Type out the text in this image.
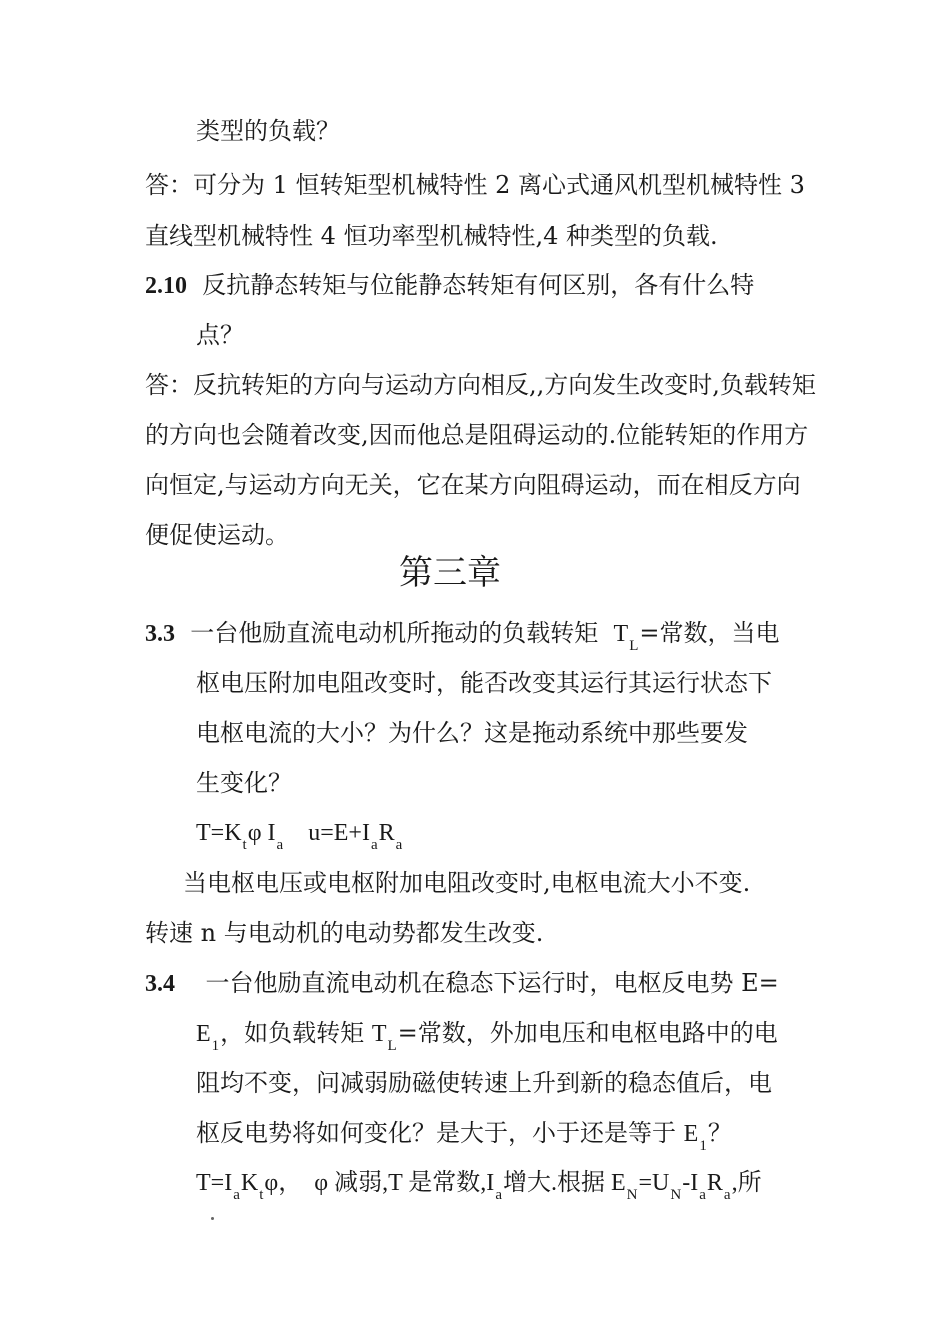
类型的负载？
答：可分为 1 恒转矩型机械特性 2 离心式通风机型机械特性 3
直线型机械特性 4 恒功率型机械特性,4 种类型的负载.
2.10 反抗静态转矩与位能静态转矩有何区别，各有什么特
点？
答：反抗转矩的方向与运动方向相反,,方向发生改变时,负载转矩
的方向也会随着改变,因而他总是阻碍运动的.位能转矩的作用方
向恒定,与运动方向无关，它在某方向阻碍运动，而在相反方向
便促使运动。
第三章
3.3 一台他励直流电动机所拖动的负载转矩 $T_L=$常数，当电
枢电压附加电阻改变时，能否改变其运行其运行状态下
电枢电流的大小？为什么？这是拖动系统中那些要发
生变化？
$T=K_t\varphi$ $I_a$ $u=E+I_aR_a$
当电枢电压或电枢附加电阻改变时,电枢电流大小不变.
转速 n 与电动机的电动势都发生改变.
3.4 一台他励直流电动机在稳态下运行时，电枢反电势 E=
$E_1$，如负载转矩 $T_L=$常数，外加电压和电枢电路中的电
阻均不变，问减弱励磁使转速上升到新的稳态值后，电
枢反电势将如何变化？是大于，小于还是等于 $E_1$？
$T=I_aK_t\varphi$， φ 减弱,T 是常数$,I_a$增大.根据 $E_N=U_N-I_aR_a$,所
